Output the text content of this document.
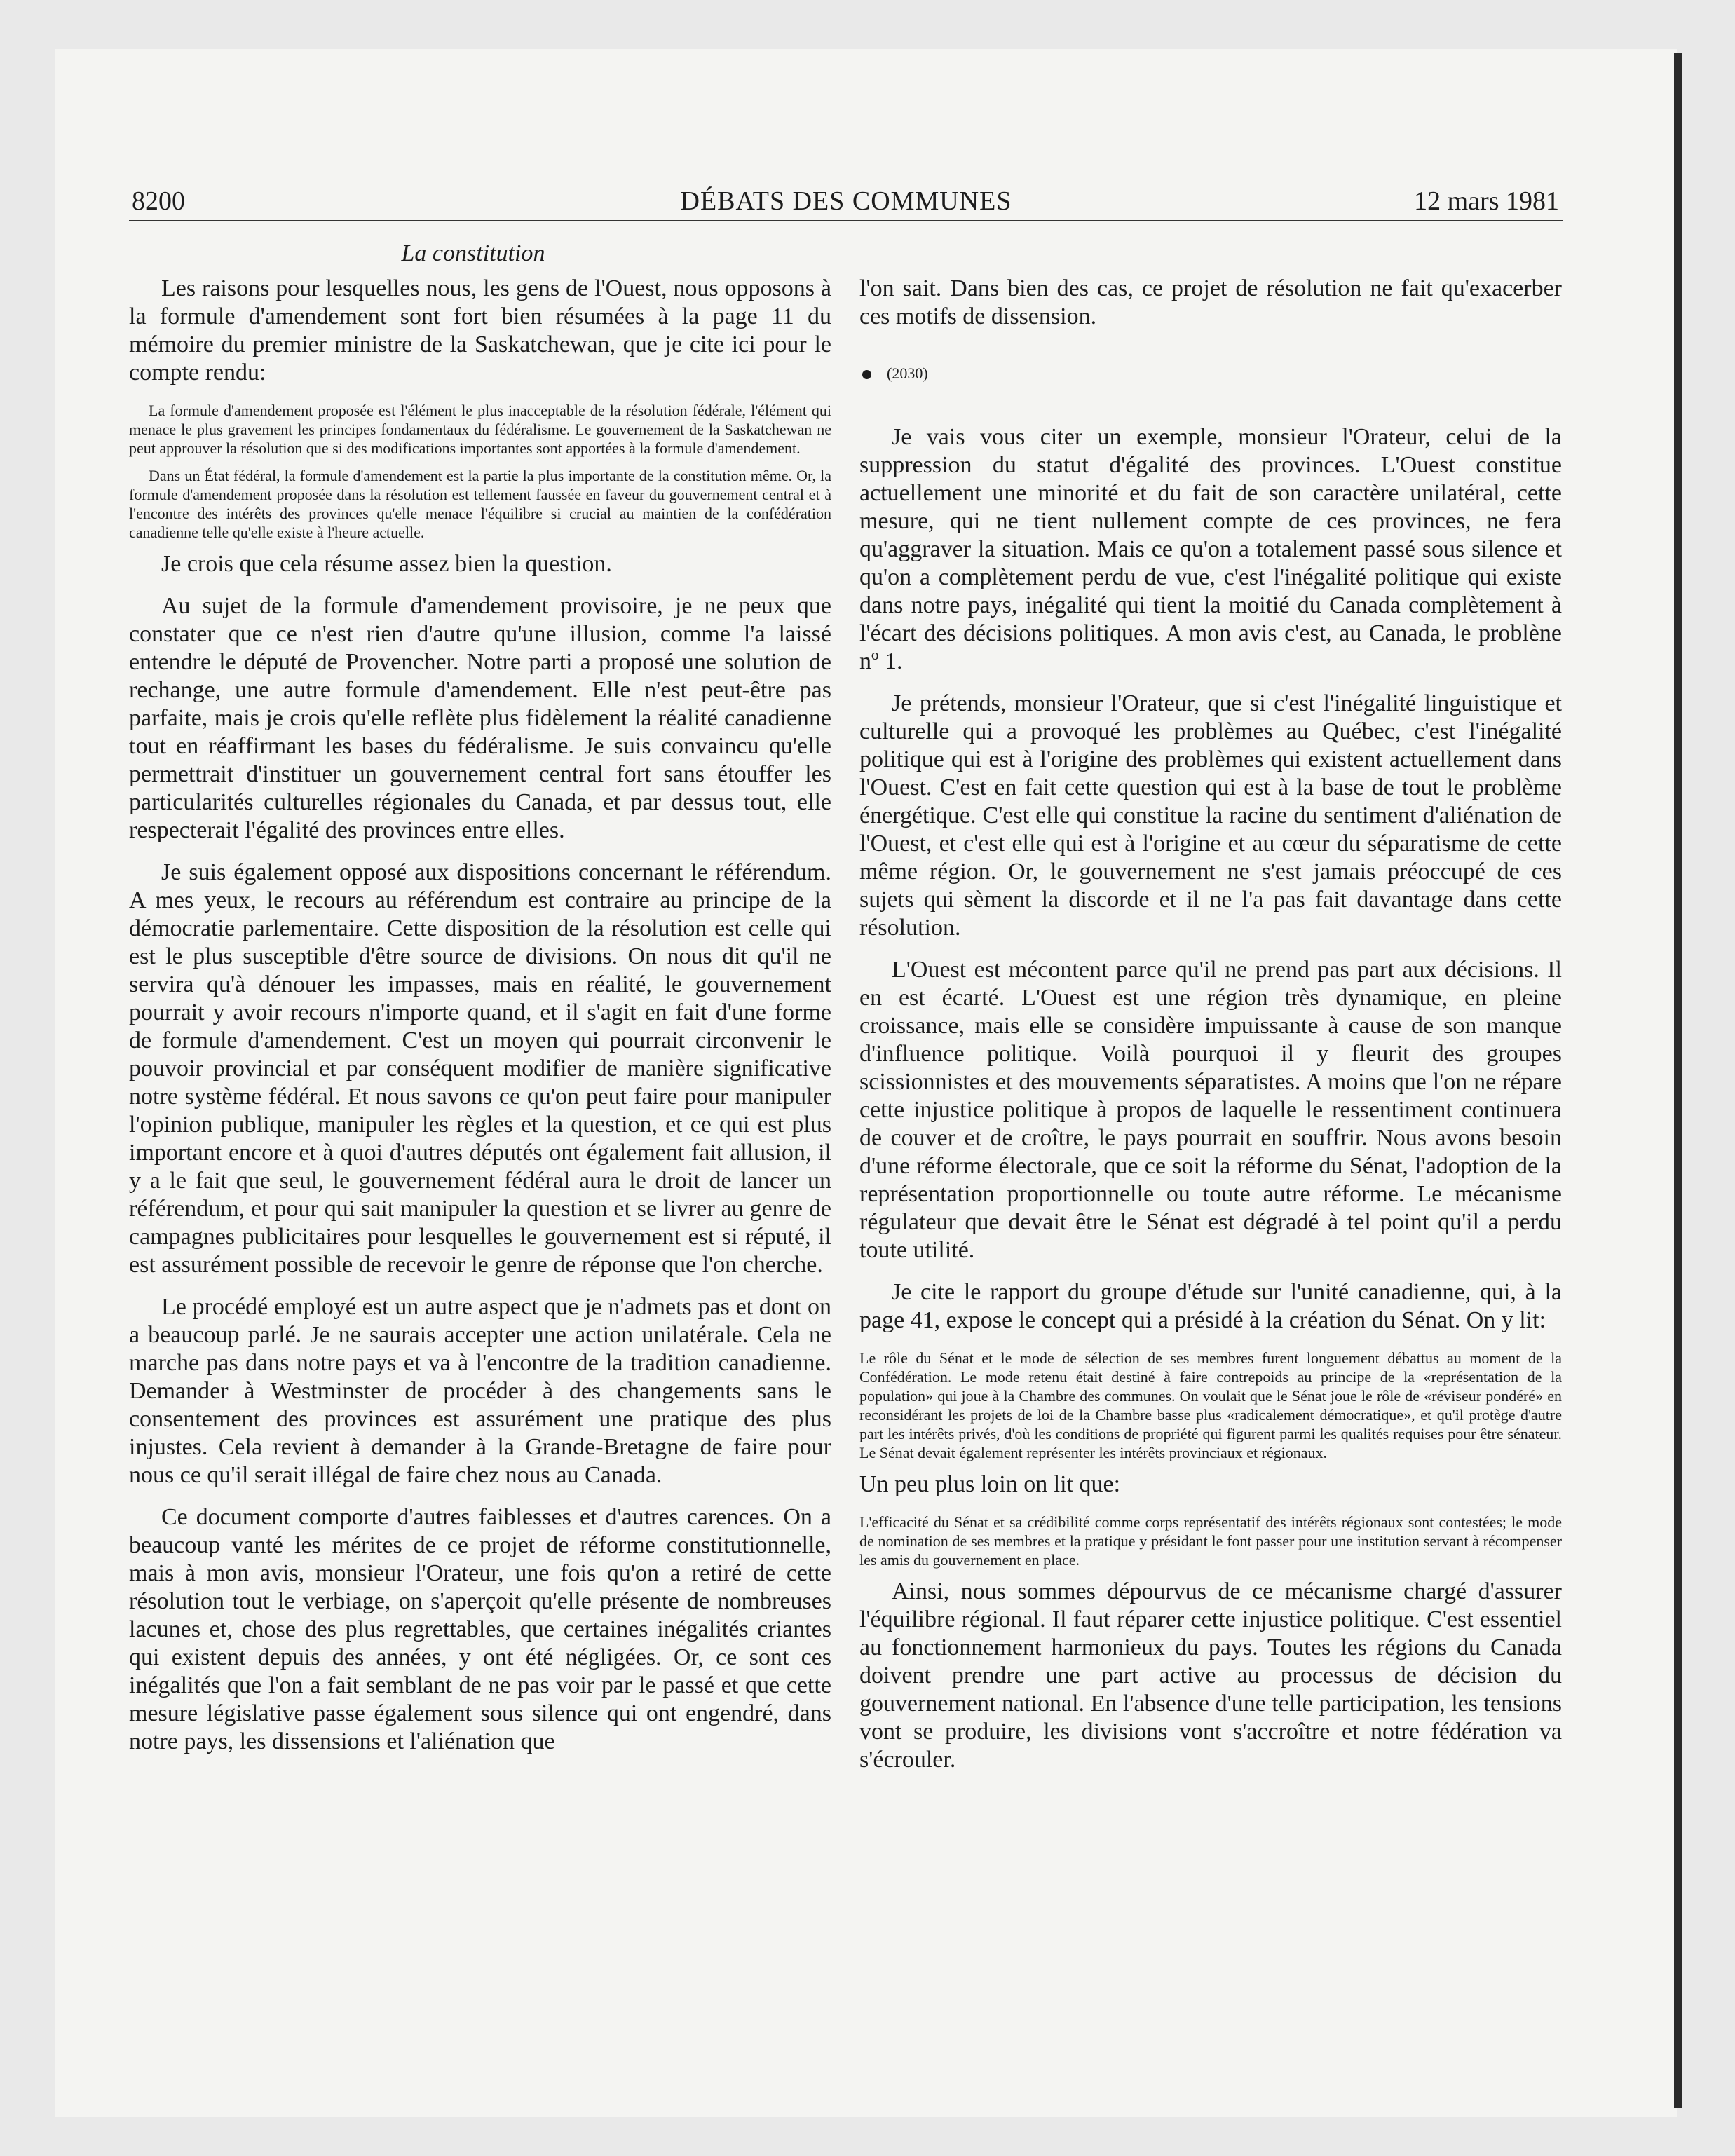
8200	DÉBATS DES COMMUNES	12 mars 1981
La constitution

Les raisons pour lesquelles nous, les gens de l'Ouest, nous opposons à la formule d'amendement sont fort bien résumées à la page 11 du mémoire du premier ministre de la Saskatchewan, que je cite ici pour le compte rendu:

La formule d'amendement proposée est l'élément le plus inacceptable de la résolution fédérale, l'élément qui menace le plus gravement les principes fondamentaux du fédéralisme. Le gouvernement de la Saskatchewan ne peut approuver la résolution que si des modifications importantes sont apportées à la formule d'amendement.

Dans un État fédéral, la formule d'amendement est la partie la plus importante de la constitution même. Or, la formule d'amendement proposée dans la résolution est tellement faussée en faveur du gouvernement central et à l'encontre des intérêts des provinces qu'elle menace l'équilibre si crucial au maintien de la confédération canadienne telle qu'elle existe à l'heure actuelle.

Je crois que cela résume assez bien la question.

Au sujet de la formule d'amendement provisoire, je ne peux que constater que ce n'est rien d'autre qu'une illusion, comme l'a laissé entendre le député de Provencher. Notre parti a proposé une solution de rechange, une autre formule d'amendement. Elle n'est peut-être pas parfaite, mais je crois qu'elle reflète plus fidèlement la réalité canadienne tout en réaffirmant les bases du fédéralisme. Je suis convaincu qu'elle permettrait d'instituer un gouvernement central fort sans étouffer les particularités culturelles régionales du Canada, et par dessus tout, elle respecterait l'égalité des provinces entre elles.

Je suis également opposé aux dispositions concernant le référendum. A mes yeux, le recours au référendum est contraire au principe de la démocratie parlementaire. Cette disposition de la résolution est celle qui est le plus susceptible d'être source de divisions. On nous dit qu'il ne servira qu'à dénouer les impasses, mais en réalité, le gouvernement pourrait y avoir recours n'importe quand, et il s'agit en fait d'une forme de formule d'amendement. C'est un moyen qui pourrait circonvenir le pouvoir provincial et par conséquent modifier de manière significative notre système fédéral. Et nous savons ce qu'on peut faire pour manipuler l'opinion publique, manipuler les règles et la question, et ce qui est plus important encore et à quoi d'autres députés ont également fait allusion, il y a le fait que seul, le gouvernement fédéral aura le droit de lancer un référendum, et pour qui sait manipuler la question et se livrer au genre de campagnes publicitaires pour lesquelles le gouvernement est si réputé, il est assurément possible de recevoir le genre de réponse que l'on cherche.

Le procédé employé est un autre aspect que je n'admets pas et dont on a beaucoup parlé. Je ne saurais accepter une action unilatérale. Cela ne marche pas dans notre pays et va à l'encontre de la tradition canadienne. Demander à Westminster de procéder à des changements sans le consentement des provinces est assurément une pratique des plus injustes. Cela revient à demander à la Grande-Bretagne de faire pour nous ce qu'il serait illégal de faire chez nous au Canada.

Ce document comporte d'autres faiblesses et d'autres carences. On a beaucoup vanté les mérites de ce projet de réforme constitutionnelle, mais à mon avis, monsieur l'Orateur, une fois qu'on a retiré de cette résolution tout le verbiage, on s'aperçoit qu'elle présente de nombreuses lacunes et, chose des plus regrettables, que certaines inégalités criantes qui existent depuis des années, y ont été négligées. Or, ce sont ces inégalités que l'on a fait semblant de ne pas voir par le passé et que cette mesure législative passe également sous silence qui ont engendré, dans notre pays, les dissensions et l'aliénation que

l'on sait. Dans bien des cas, ce projet de résolution ne fait qu'exacerber ces motifs de dissension.

(2030)

Je vais vous citer un exemple, monsieur l'Orateur, celui de la suppression du statut d'égalité des provinces. L'Ouest constitue actuellement une minorité et du fait de son caractère unilatéral, cette mesure, qui ne tient nullement compte de ces provinces, ne fera qu'aggraver la situation. Mais ce qu'on a totalement passé sous silence et qu'on a complètement perdu de vue, c'est l'inégalité politique qui existe dans notre pays, inégalité qui tient la moitié du Canada complètement à l'écart des décisions politiques. A mon avis c'est, au Canada, le problène nº 1.

Je prétends, monsieur l'Orateur, que si c'est l'inégalité linguistique et culturelle qui a provoqué les problèmes au Québec, c'est l'inégalité politique qui est à l'origine des problèmes qui existent actuellement dans l'Ouest. C'est en fait cette question qui est à la base de tout le problème énergétique. C'est elle qui constitue la racine du sentiment d'aliénation de l'Ouest, et c'est elle qui est à l'origine et au cœur du séparatisme de cette même région. Or, le gouvernement ne s'est jamais préoccupé de ces sujets qui sèment la discorde et il ne l'a pas fait davantage dans cette résolution.

L'Ouest est mécontent parce qu'il ne prend pas part aux décisions. Il en est écarté. L'Ouest est une région très dynamique, en pleine croissance, mais elle se considère impuissante à cause de son manque d'influence politique. Voilà pourquoi il y fleurit des groupes scissionnistes et des mouvements séparatistes. A moins que l'on ne répare cette injustice politique à propos de laquelle le ressentiment continuera de couver et de croître, le pays pourrait en souffrir. Nous avons besoin d'une réforme électorale, que ce soit la réforme du Sénat, l'adoption de la représentation proportionnelle ou toute autre réforme. Le mécanisme régulateur que devait être le Sénat est dégradé à tel point qu'il a perdu toute utilité.

Je cite le rapport du groupe d'étude sur l'unité canadienne, qui, à la page 41, expose le concept qui a présidé à la création du Sénat. On y lit:

Le rôle du Sénat et le mode de sélection de ses membres furent longuement débattus au moment de la Confédération. Le mode retenu était destiné à faire contrepoids au principe de la «représentation de la population» qui joue à la Chambre des communes. On voulait que le Sénat joue le rôle de «réviseur pondéré» en reconsidérant les projets de loi de la Chambre basse plus «radicalement démocratique», et qu'il protège d'autre part les intérêts privés, d'où les conditions de propriété qui figurent parmi les qualités requises pour être sénateur. Le Sénat devait également représenter les intérêts provinciaux et régionaux.

Un peu plus loin on lit que:

L'efficacité du Sénat et sa crédibilité comme corps représentatif des intérêts régionaux sont contestées; le mode de nomination de ses membres et la pratique y présidant le font passer pour une institution servant à récompenser les amis du gouvernement en place.

Ainsi, nous sommes dépourvus de ce mécanisme chargé d'assurer l'équilibre régional. Il faut réparer cette injustice politique. C'est essentiel au fonctionnement harmonieux du pays. Toutes les régions du Canada doivent prendre une part active au processus de décision du gouvernement national. En l'absence d'une telle participation, les tensions vont se produire, les divisions vont s'accroître et notre fédération va s'écrouler.
